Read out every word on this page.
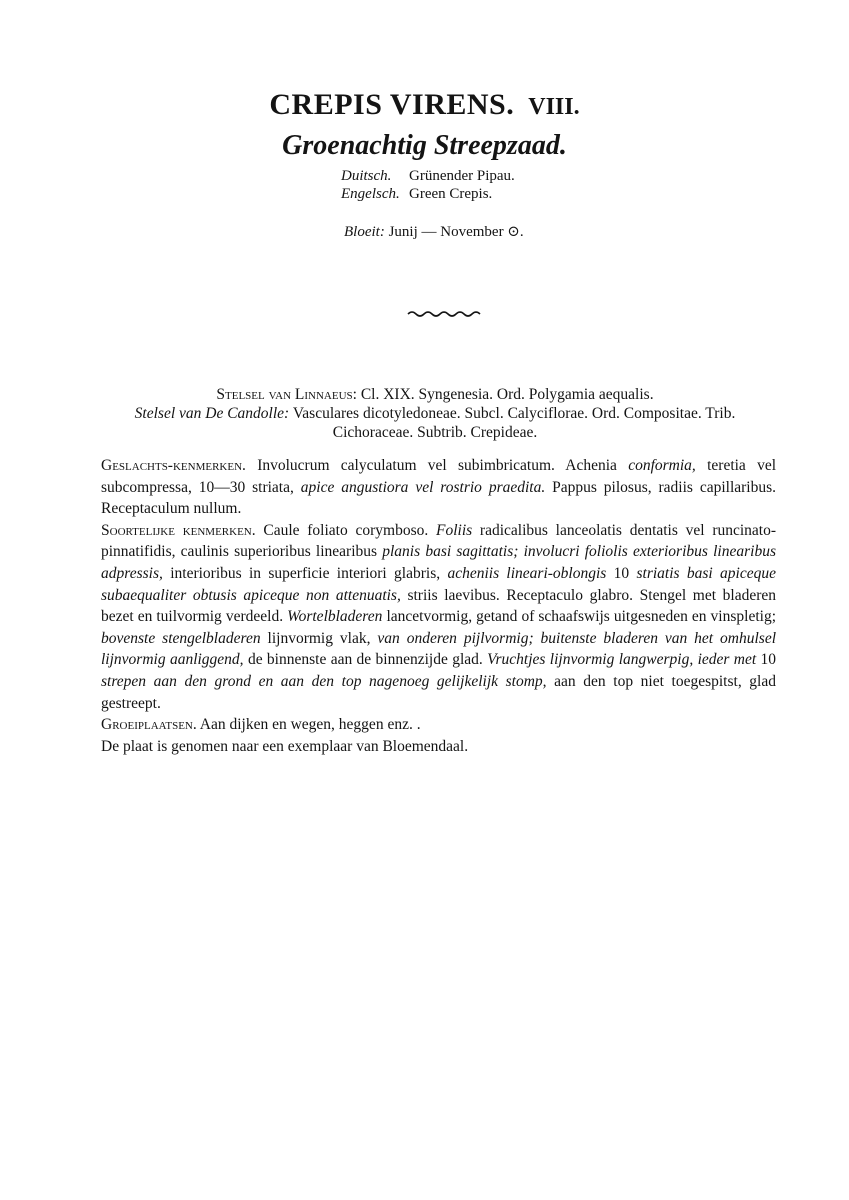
CREPIS VIRENS. VIII.
Groenachtig Streepzaad.
Duitsch. Grünender Pipau.
Engelsch. Green Crepis.
Bloeit: Junij — November ⊙.
Stelsel van Linnaeus: Cl. XIX. Syngenesia. Ord. Polygamia aequalis.
Stelsel van De Candolle: Vasculares dicotyledoneae. Subcl. Calyciflorae. Ord. Compositae. Trib. Cichoraceae. Subtrib. Crepideae.

Geslachts-kenmerken. Involucrum calyculatum vel subimbricatum. Achenia conformia, teretia vel subcompressa, 10—30 striata, apice angustiora vel rostrio praedita. Pappus pilosus, radiis capillaribus. Receptaculum nullum.

Soortelijke kenmerken. Caule foliato corymboso. Foliis radicalibus lanceolatis dentatis vel runcinato-pinnatifidis, caulinis superioribus linearibus planis basi sagittatis; involucri foliolis exterioribus linearibus adpressis, interioribus in superficie interiori glabris, acheniis lineari-oblongis 10 striatis basi apiceque subaequaliter obtusis apiceque non attenuatis, striis laevibus. Receptaculo glabro. Stengel met bladeren bezet en tuilvormig verdeeld. Wortelbladeren lancetvormig, getand of schaafswijs uitgesneden en vinspletig; bovenste stengelbladeren lijnvormig vlak, van onderen pijlvormig; buitenste bladeren van het omhulsel lijnvormig aanliggend, de binnenste aan de binnenzijde glad. Vruchtjes lijnvormig langwerpig, ieder met 10 strepen aan den grond en aan den top nagenoeg gelijkelijk stomp, aan den top niet toegespitst, glad gestreept.

Groeiplaatsen. Aan dijken en wegen, heggen enz. .

De plaat is genomen naar een exemplaar van Bloemendaal.
